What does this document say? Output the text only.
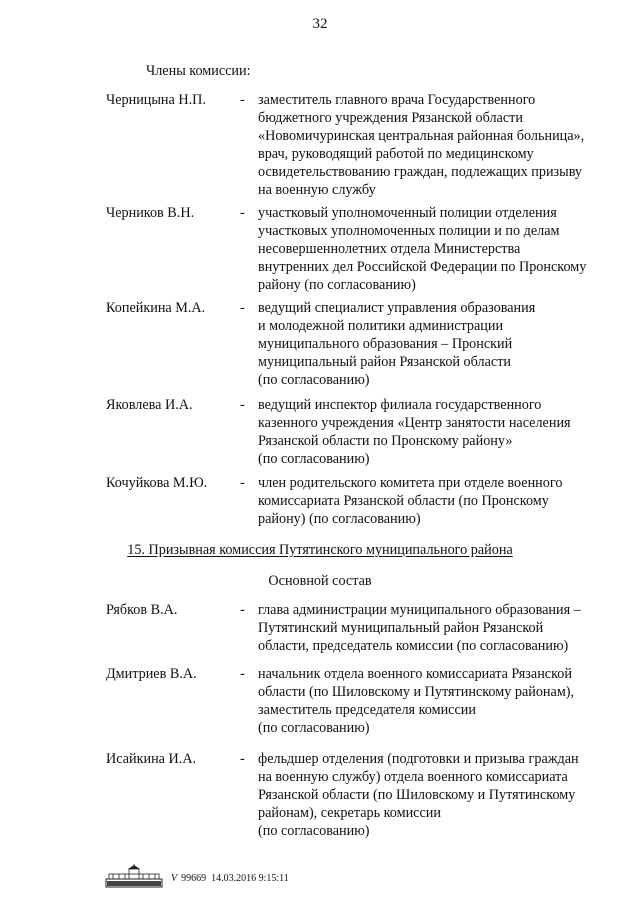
32
Члены комиссии:
Черницына Н.П. - заместитель главного врача Государственного
бюджетного учреждения Рязанской области
«Новомичуринская центральная районная больница»,
врач, руководящий работой по медицинскому
освидетельствованию граждан, подлежащих призыву
на военную службу
Черников В.Н.	- участковый уполномоченный полиции отделения
участковых уполномоченных полиции и по делам
несовершеннолетних отдела Министерства
внутренних дел Российской Федерации по Пронскому
району (по согласованию)
Копейкина М.А. - ведущий специалист управления образования
и молодежной политики администрации
муниципального образования – Пронский
муниципальный район Рязанской области
(по согласованию)
Яковлева И.А.	- ведущий инспектор филиала государственного
казенного учреждения «Центр занятости населения
Рязанской области по Пронскому району»
(по согласованию)
Кочуйкова М.Ю. - член родительского комитета при отделе военного
комиссариата Рязанской области (по Пронскому
району) (по согласованию)
15. Призывная комиссия Путятинского муниципального района
Основной состав
Рябков В.А.	- глава администрации муниципального образования –
Путятинский муниципальный район Рязанской
области, председатель комиссии (по согласованию)
Дмитриев В.А.	- начальник отдела военного комиссариата Рязанской
области (по Шиловскому и Путятинскому районам),
заместитель председателя комиссии
(по согласованию)
Исайкина И.А.	- фельдшер отделения (подготовки и призыва граждан
на военную службу) отдела военного комиссариата
Рязанской области (по Шиловскому и Путятинскому
районам), секретарь комиссии
(по согласованию)
V 99669 14.03.2016 9:15:11
